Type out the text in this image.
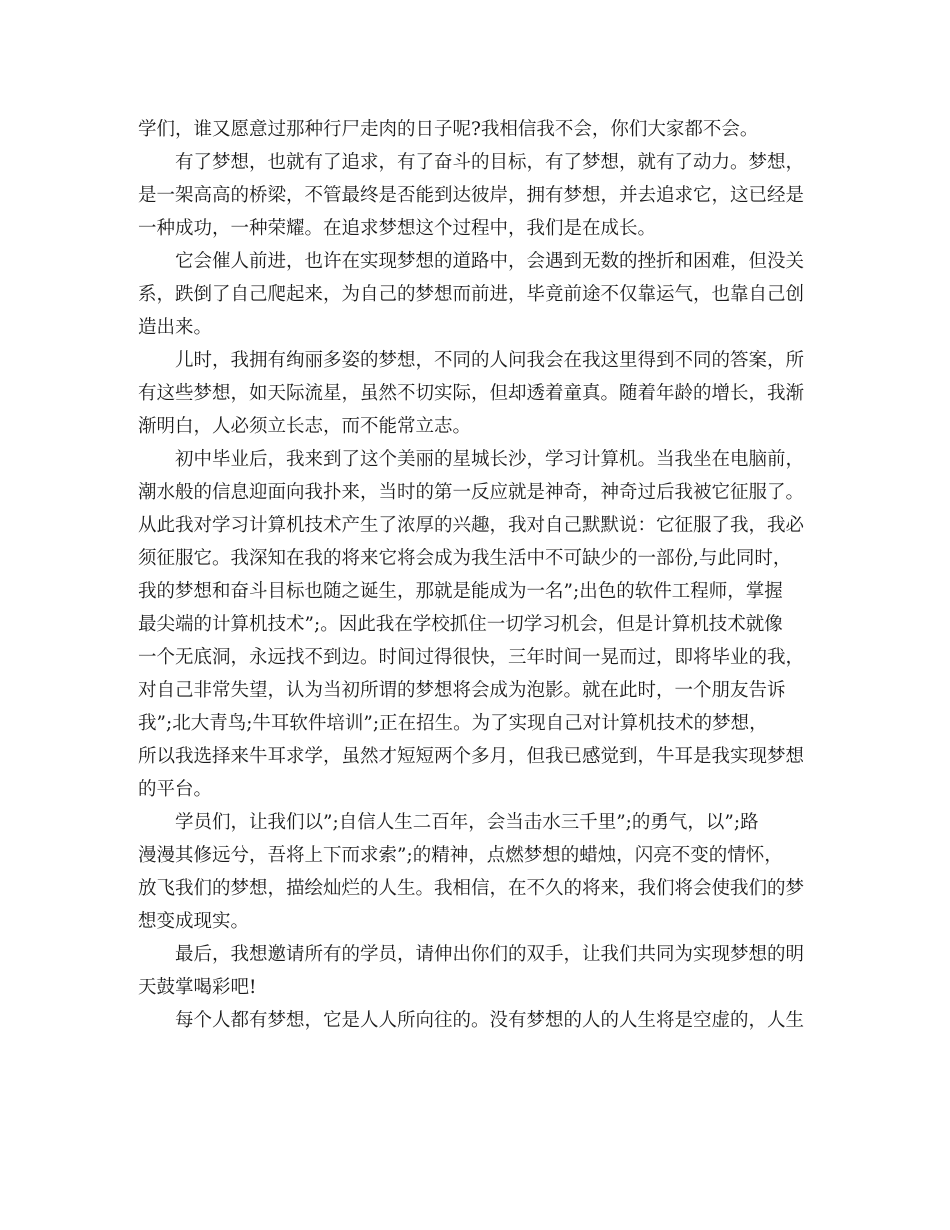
学们，谁又愿意过那种行尸走肉的日子呢?我相信我不会，你们大家都不会。
有了梦想，也就有了追求，有了奋斗的目标，有了梦想，就有了动力。梦想，
是一架高高的桥梁，不管最终是否能到达彼岸，拥有梦想，并去追求它，这已经是
一种成功，一种荣耀。在追求梦想这个过程中，我们是在成长。
它会催人前进，也许在实现梦想的道路中，会遇到无数的挫折和困难，但没关
系，跌倒了自己爬起来，为自己的梦想而前进，毕竟前途不仅靠运气，也靠自己创
造出来。
儿时，我拥有绚丽多姿的梦想，不同的人问我会在我这里得到不同的答案，所
有这些梦想，如天际流星，虽然不切实际，但却透着童真。随着年龄的增长，我渐
渐明白，人必须立长志，而不能常立志。
初中毕业后，我来到了这个美丽的星城长沙，学习计算机。当我坐在电脑前，
潮水般的信息迎面向我扑来，当时的第一反应就是神奇，神奇过后我被它征服了。
从此我对学习计算机技术产生了浓厚的兴趣，我对自己默默说：它征服了我，我必
须征服它。我深知在我的将来它将会成为我生活中不可缺少的一部份,与此同时，
我的梦想和奋斗目标也随之诞生，那就是能成为一名”;出色的软件工程师，掌握
最尖端的计算机技术”;。因此我在学校抓住一切学习机会，但是计算机技术就像
一个无底洞，永远找不到边。时间过得很快，三年时间一晃而过，即将毕业的我，
对自己非常失望，认为当初所谓的梦想将会成为泡影。就在此时，一个朋友告诉
我”;北大青鸟;牛耳软件培训”;正在招生。为了实现自己对计算机技术的梦想，
所以我选择来牛耳求学，虽然才短短两个多月，但我已感觉到，牛耳是我实现梦想
的平台。
学员们，让我们以”;自信人生二百年，会当击水三千里”;的勇气，以”;路
漫漫其修远兮，吾将上下而求索”;的精神，点燃梦想的蜡烛，闪亮不变的情怀，
放飞我们的梦想，描绘灿烂的人生。我相信，在不久的将来，我们将会使我们的梦
想变成现实。
最后，我想邀请所有的学员，请伸出你们的双手，让我们共同为实现梦想的明
天鼓掌喝彩吧!
每个人都有梦想，它是人人所向往的。没有梦想的人的人生将是空虚的，人生
